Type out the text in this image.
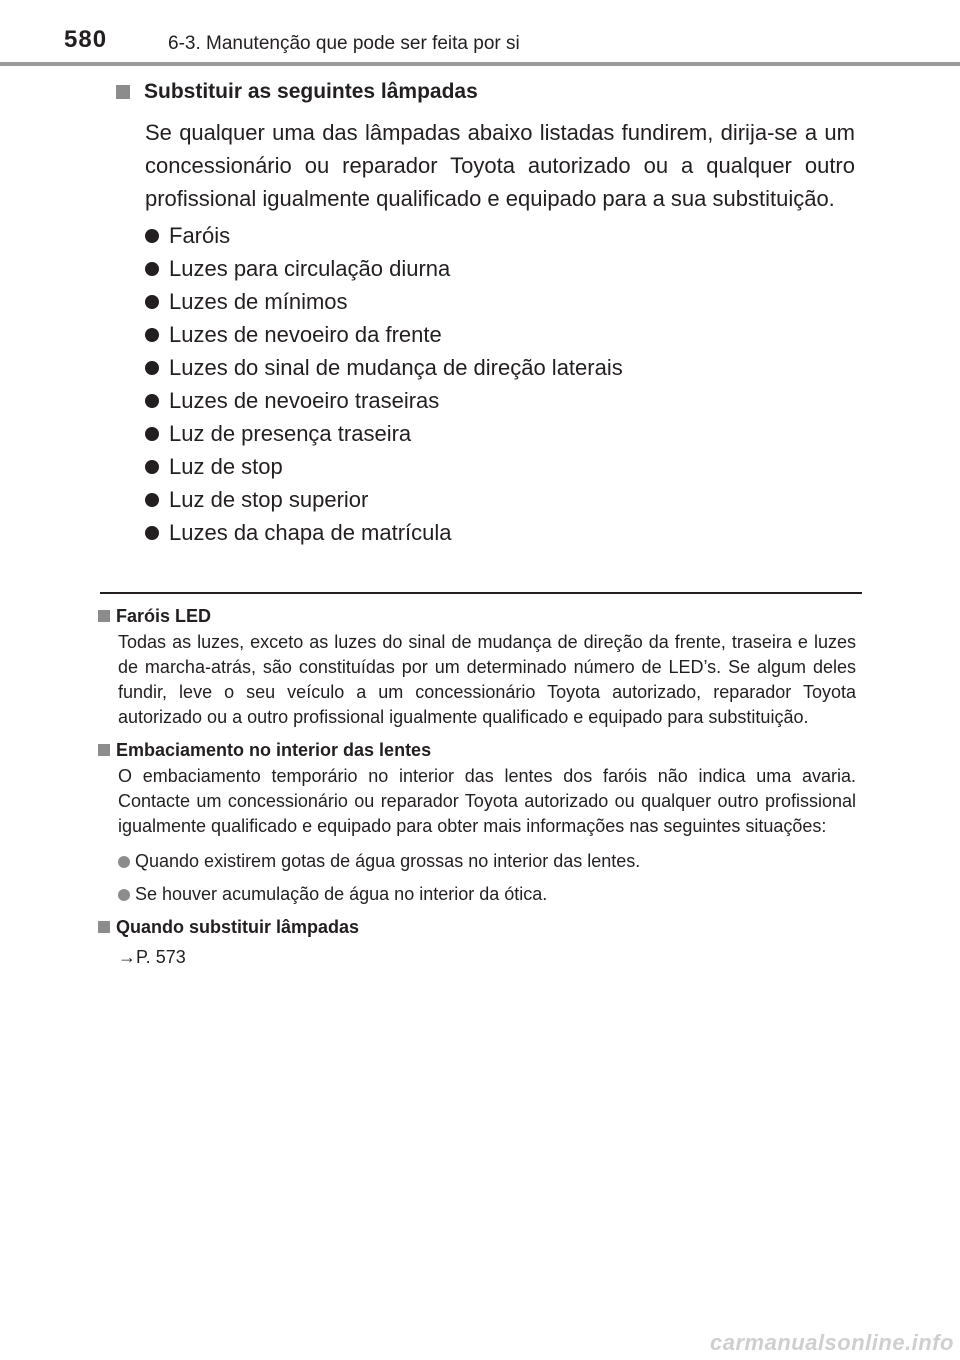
580	6-3. Manutenção que pode ser feita por si
Substituir as seguintes lâmpadas

Se qualquer uma das lâmpadas abaixo listadas fundirem, dirija-se a um concessionário ou reparador Toyota autorizado ou a qualquer outro profissional igualmente qualificado e equipado para a sua substituição.

Faróis
Luzes para circulação diurna
Luzes de mínimos
Luzes de nevoeiro da frente
Luzes do sinal de mudança de direção laterais
Luzes de nevoeiro traseiras
Luz de presença traseira
Luz de stop
Luz de stop superior
Luzes da chapa de matrícula
Faróis LED
Todas as luzes, exceto as luzes do sinal de mudança de direção da frente, traseira e luzes de marcha-atrás, são constituídas por um determinado número de LED’s. Se algum deles fundir, leve o seu veículo a um concessionário Toyota autorizado, reparador Toyota autorizado ou a outro profissional igualmente qualificado e equipado para substituição.
Embaciamento no interior das lentes
O embaciamento temporário no interior das lentes dos faróis não indica uma avaria. Contacte um concessionário ou reparador Toyota autorizado ou qualquer outro profissional igualmente qualificado e equipado para obter mais informações nas seguintes situações:
Quando existirem gotas de água grossas no interior das lentes.
Se houver acumulação de água no interior da ótica.
Quando substituir lâmpadas
→P. 573
carmanualsonline.info
